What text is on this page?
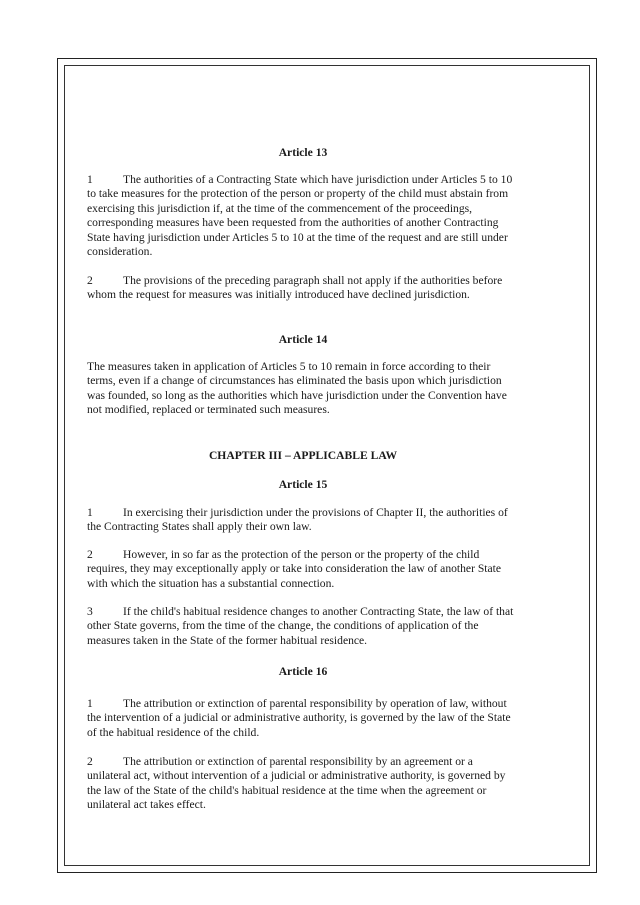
Article 13

1	The authorities of a Contracting State which have jurisdiction under Articles 5 to 10 to take measures for the protection of the person or property of the child must abstain from exercising this jurisdiction if, at the time of the commencement of the proceedings, corresponding measures have been requested from the authorities of another Contracting State having jurisdiction under Articles 5 to 10 at the time of the request and are still under consideration.

2	The provisions of the preceding paragraph shall not apply if the authorities before whom the request for measures was initially introduced have declined jurisdiction.

Article 14

The measures taken in application of Articles 5 to 10 remain in force according to their terms, even if a change of circumstances has eliminated the basis upon which jurisdiction was founded, so long as the authorities which have jurisdiction under the Convention have not modified, replaced or terminated such measures.

CHAPTER III – APPLICABLE LAW
Article 15

1	In exercising their jurisdiction under the provisions of Chapter II, the authorities of the Contracting States shall apply their own law.

2	However, in so far as the protection of the person or the property of the child requires, they may exceptionally apply or take into consideration the law of another State with which the situation has a substantial connection.

3	If the child's habitual residence changes to another Contracting State, the law of that other State governs, from the time of the change, the conditions of application of the measures taken in the State of the former habitual residence.

Article 16

1	The attribution or extinction of parental responsibility by operation of law, without the intervention of a judicial or administrative authority, is governed by the law of the State of the habitual residence of the child.

2	The attribution or extinction of parental responsibility by an agreement or a unilateral act, without intervention of a judicial or administrative authority, is governed by the law of the State of the child's habitual residence at the time when the agreement or unilateral act takes effect.
